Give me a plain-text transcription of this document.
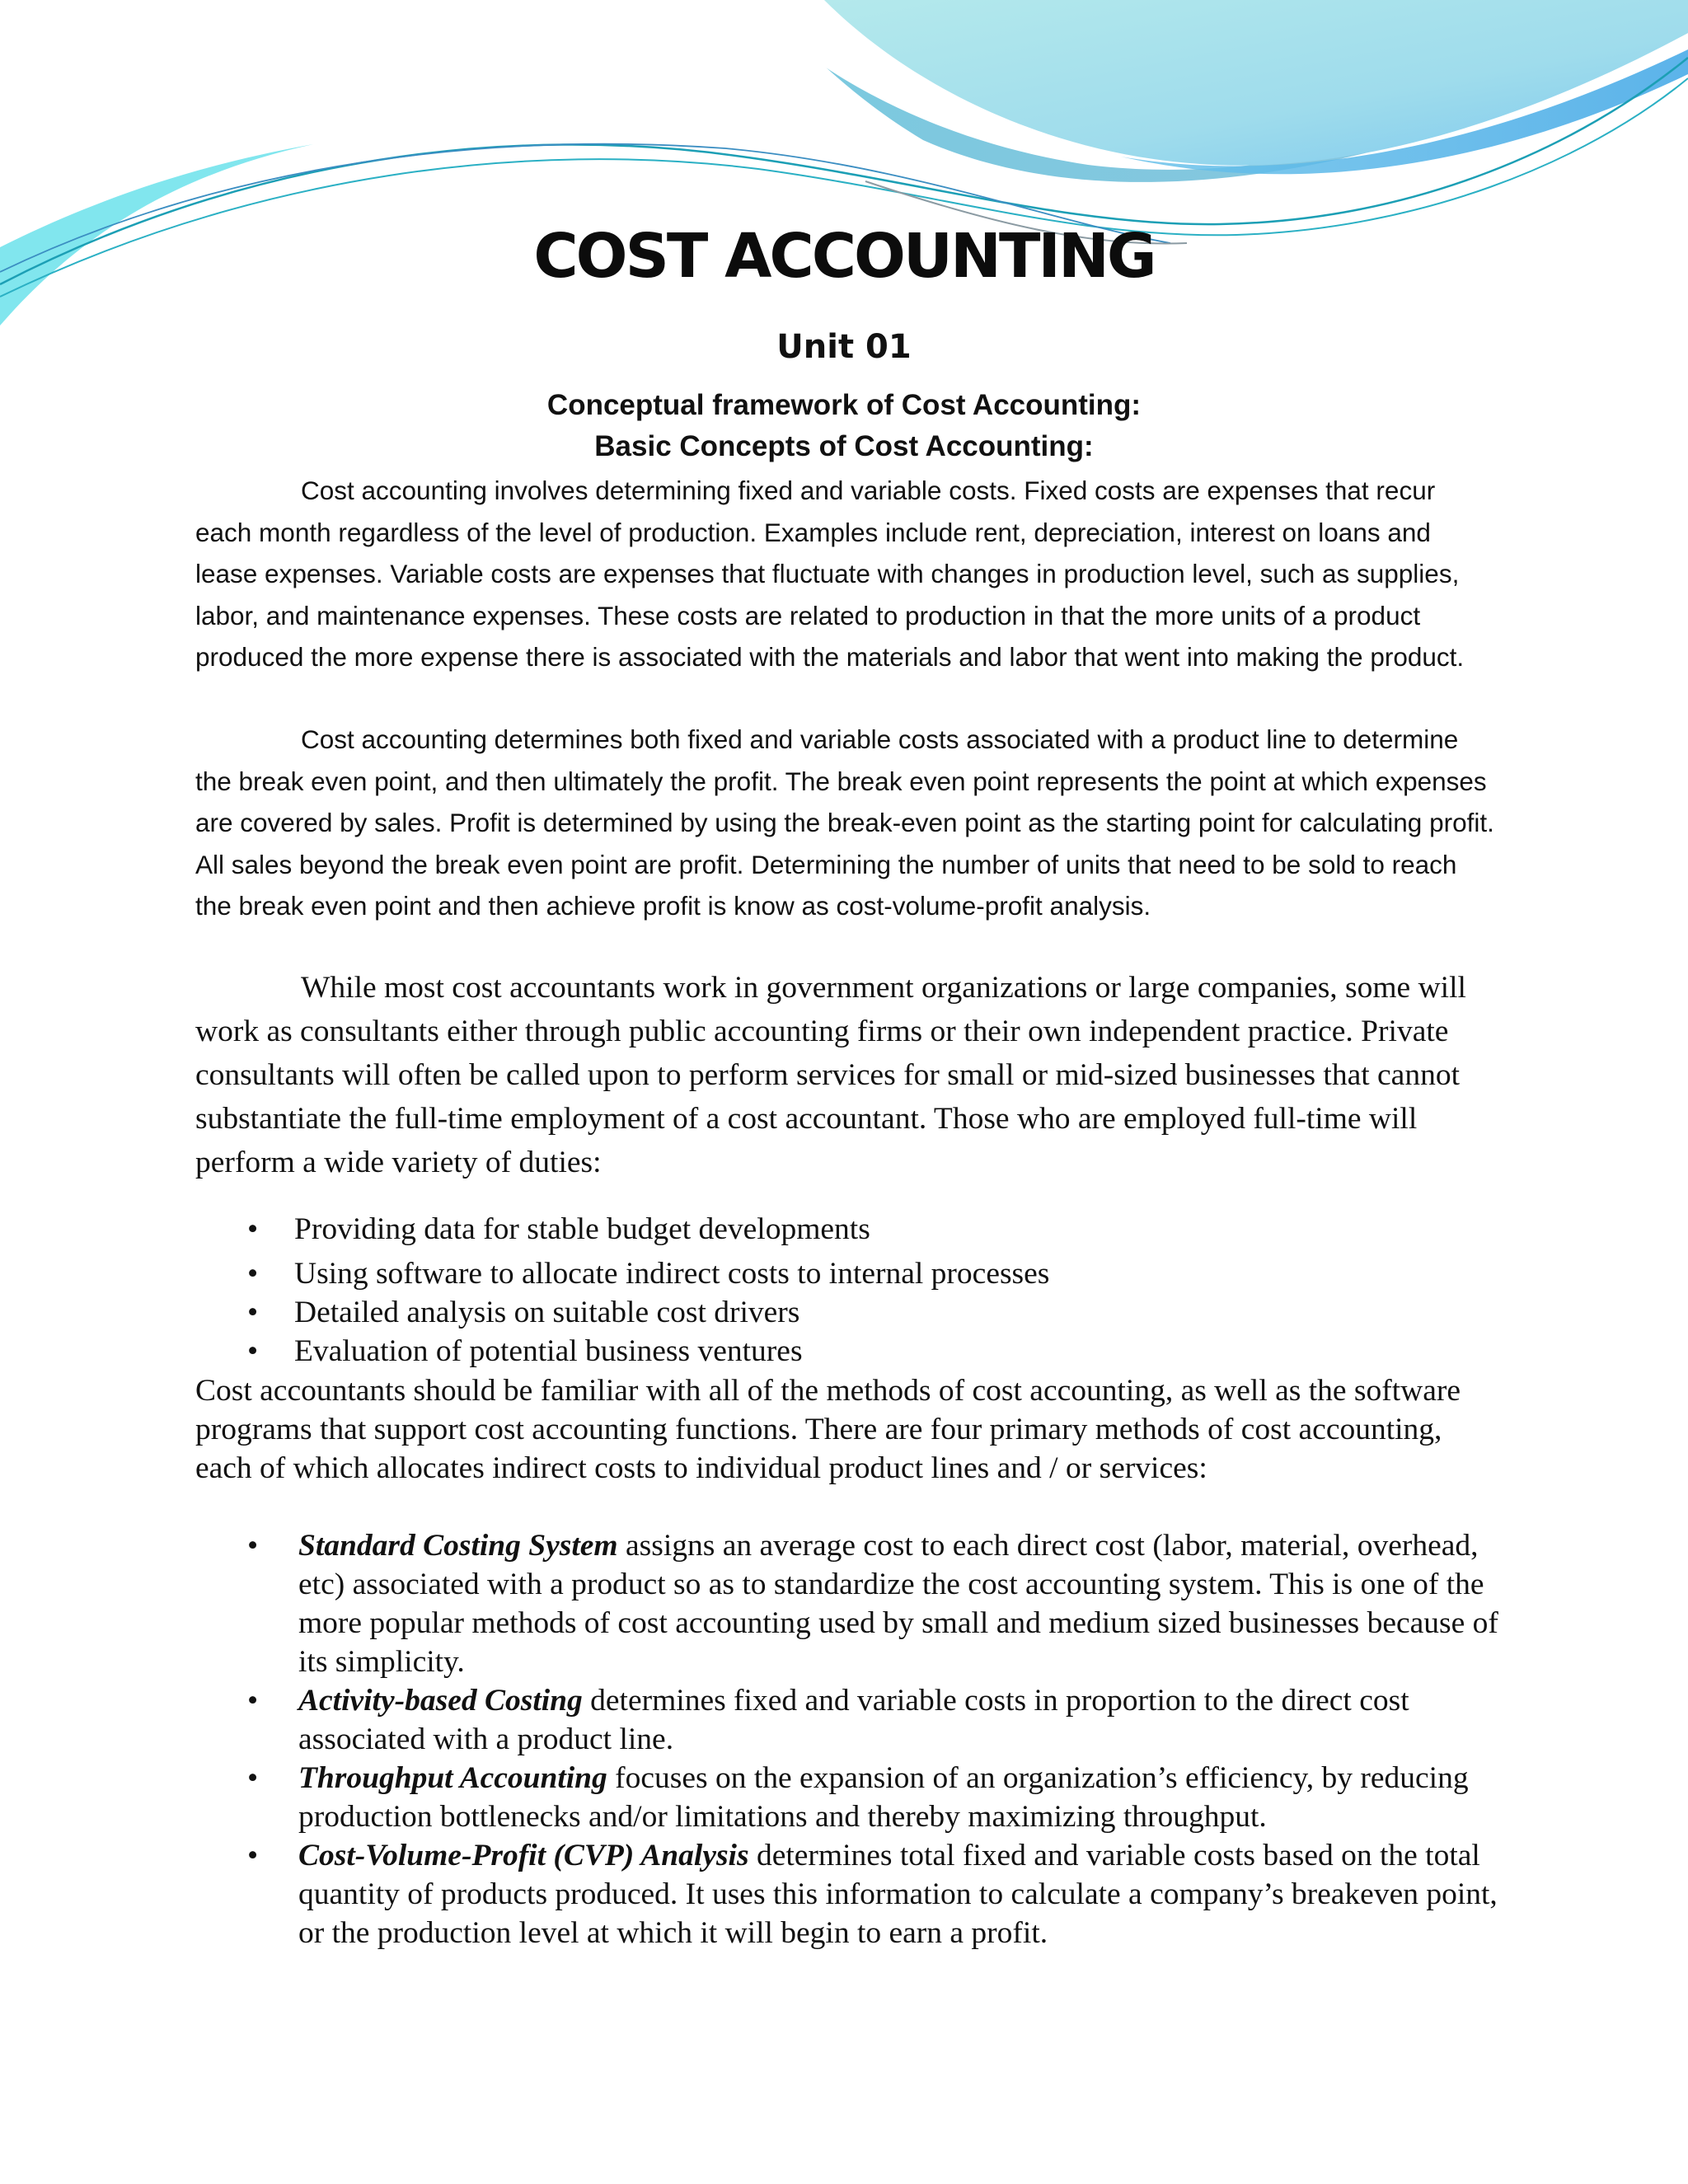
COST ACCOUNTING
Unit 01
Conceptual framework of Cost Accounting:
Basic Concepts of Cost Accounting:

Cost accounting involves determining fixed and variable costs. Fixed costs are expenses that recur each month regardless of the level of production. Examples include rent, depreciation, interest on loans and lease expenses. Variable costs are expenses that fluctuate with changes in production level, such as supplies, labor, and maintenance expenses. These costs are related to production in that the more units of a product produced the more expense there is associated with the materials and labor that went into making the product.

Cost accounting determines both fixed and variable costs associated with a product line to determine the break even point, and then ultimately the profit. The break even point represents the point at which expenses are covered by sales. Profit is determined by using the break-even point as the starting point for calculating profit. All sales beyond the break even point are profit. Determining the number of units that need to be sold to reach the break even point and then achieve profit is know as cost-volume-profit analysis.

While most cost accountants work in government organizations or large companies, some will work as consultants either through public accounting firms or their own independent practice. Private consultants will often be called upon to perform services for small or mid-sized businesses that cannot substantiate the full-time employment of a cost accountant. Those who are employed full-time will perform a wide variety of duties:

• Providing data for stable budget developments
• Using software to allocate indirect costs to internal processes
• Detailed analysis on suitable cost drivers
• Evaluation of potential business ventures

Cost accountants should be familiar with all of the methods of cost accounting, as well as the software programs that support cost accounting functions. There are four primary methods of cost accounting, each of which allocates indirect costs to individual product lines and / or services:

• Standard Costing System assigns an average cost to each direct cost (labor, material, overhead, etc) associated with a product so as to standardize the cost accounting system. This is one of the more popular methods of cost accounting used by small and medium sized businesses because of its simplicity.
• Activity-based Costing determines fixed and variable costs in proportion to the direct cost associated with a product line.
• Throughput Accounting focuses on the expansion of an organization’s efficiency, by reducing production bottlenecks and/or limitations and thereby maximizing throughput.
• Cost-Volume-Profit (CVP) Analysis determines total fixed and variable costs based on the total quantity of products produced. It uses this information to calculate a company’s breakeven point, or the production level at which it will begin to earn a profit.
